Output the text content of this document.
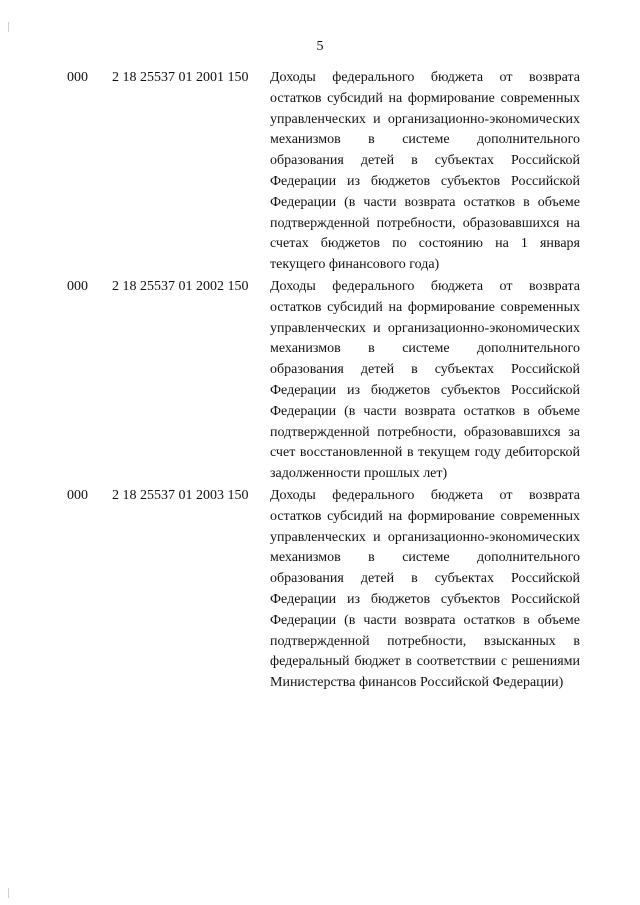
5
000	2 18 25537 01 2001 150	Доходы федерального бюджета от возврата остатков субсидий на формирование современных управленческих и организационно-экономических механизмов в системе дополнительного образования детей в субъектах Российской Федерации из бюджетов субъектов Российской Федерации (в части возврата остатков в объеме подтвержденной потребности, образовавшихся на счетах бюджетов по состоянию на 1 января текущего финансового года)
000	2 18 25537 01 2002 150	Доходы федерального бюджета от возврата остатков субсидий на формирование современных управленческих и организационно-экономических механизмов в системе дополнительного образования детей в субъектах Российской Федерации из бюджетов субъектов Российской Федерации (в части возврата остатков в объеме подтвержденной потребности, образовавшихся за счет восстановленной в текущем году дебиторской задолженности прошлых лет)
000	2 18 25537 01 2003 150	Доходы федерального бюджета от возврата остатков субсидий на формирование современных управленческих и организационно-экономических механизмов в системе дополнительного образования детей в субъектах Российской Федерации из бюджетов субъектов Российской Федерации (в части возврата остатков в объеме подтвержденной потребности, взысканных в федеральный бюджет в соответствии с решениями Министерства финансов Российской Федерации)
